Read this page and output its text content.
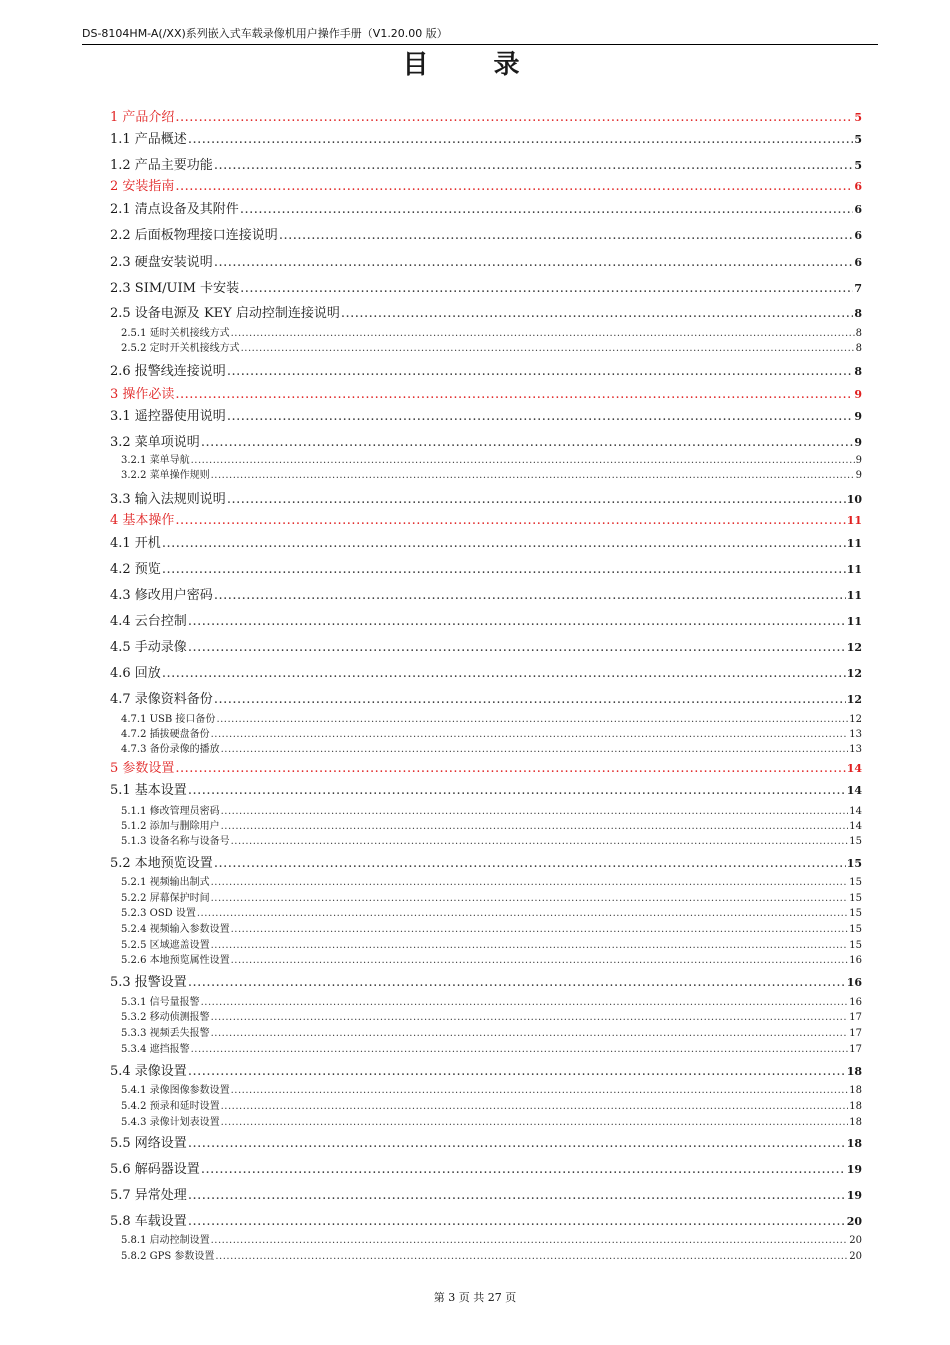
DS-8104HM-A(/XX)系列嵌入式车载录像机用户操作手册（V1.20.00 版）
目 录
1 产品介绍 .....	5
1.1 产品概述 .....	5
1.2 产品主要功能 .....	5
2 安装指南 .....	6
2.1 清点设备及其附件 .....	6
2.2 后面板物理接口连接说明 .....	6
2.3 硬盘安装说明 .....	6
2.3 SIM/UIM 卡安装 .....	7
2.5 设备电源及 KEY 启动控制连接说明 .....	8
2.5.1 延时关机接线方式 .....	8
2.5.2 定时开关机接线方式 .....	8
2.6 报警线连接说明 .....	8
3 操作必读 .....	9
3.1 遥控器使用说明 .....	9
3.2 菜单项说明 .....	9
3.2.1 菜单导航 .....	9
3.2.2 菜单操作规则 .....	9
3.3 输入法规则说明 .....	10
4 基本操作 .....	11
4.1 开机 .....	11
4.2 预览 .....	11
4.3 修改用户密码 .....	11
4.4 云台控制 .....	11
4.5 手动录像 .....	12
4.6 回放 .....	12
4.7 录像资料备份 .....	12
4.7.1 USB 接口备份 .....	12
4.7.2 插拔硬盘备份 .....	13
4.7.3 备份录像的播放 .....	13
5 参数设置 .....	14
5.1 基本设置 .....	14
5.1.1 修改管理员密码 .....	14
5.1.2 添加与删除用户 .....	14
5.1.3 设备名称与设备号 .....	15
5.2 本地预览设置 .....	15
5.2.1 视频输出制式 .....	15
5.2.2 屏幕保护时间 .....	15
5.2.3 OSD 设置 .....	15
5.2.4 视频输入参数设置 .....	15
5.2.5 区域遮盖设置 .....	15
5.2.6 本地预览属性设置 .....	16
5.3 报警设置 .....	16
5.3.1 信号量报警 .....	16
5.3.2 移动侦测报警 .....	17
5.3.3 视频丢失报警 .....	17
5.3.4 遮挡报警 .....	17
5.4 录像设置 .....	18
5.4.1 录像图像参数设置 .....	18
5.4.2 预录和延时设置 .....	18
5.4.3 录像计划表设置 .....	18
5.5 网络设置 .....	18
5.6 解码器设置 .....	19
5.7 异常处理 .....	19
5.8 车载设置 .....	20
5.8.1 启动控制设置 .....	20
5.8.2 GPS 参数设置 .....	20
第 3 页 共 27 页
